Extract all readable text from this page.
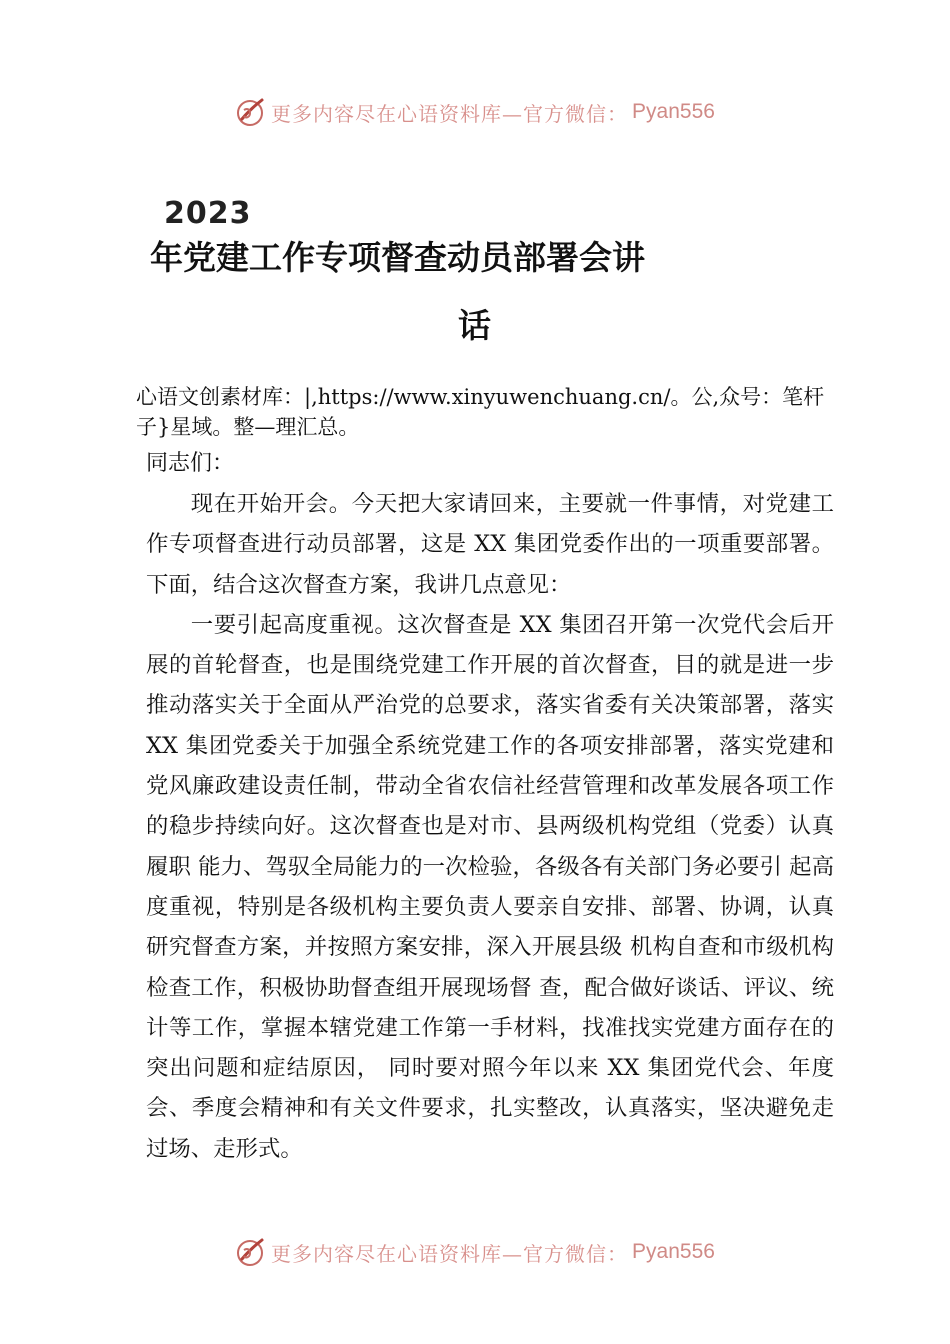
更多内容尽在心语资料库—官方微信： Pyan556
2023
年党建工作专项督查动员部署会讲
话
心语文创素材库：|,https://www.xinyuwenchuang.cn/。公,众号：笔杆子}星域。整—理汇总。
同志们：

现在开始开会。今天把大家请回来，主要就一件事情，对党建工作专项督查进行动员部署，这是 XX 集团党委作出的一项重要部署。下面，结合这次督查方案，我讲几点意见：

一要引起高度重视。这次督查是 XX 集团召开第一次党代会后开展的首轮督查，也是围绕党建工作开展的首次督查，目的就是进一步推动落实关于全面从严治党的总要求，落实省委有关决策部署，落实 XX 集团党委关于加强全系统党建工作的各项安排部署，落实党建和党风廉政建设责任制，带动全省农信社经营管理和改革发展各项工作的稳步持续向好。这次督查也是对市、县两级机构党组（党委）认真履职 能力、驾驭全局能力的一次检验，各级各有关部门务必要引 起高度重视，特别是各级机构主要负责人要亲自安排、部署、协调，认真研究督查方案，并按照方案安排，深入开展县级 机构自查和市级机构检查工作，积极协助督查组开展现场督 查，配合做好谈话、评议、统计等工作，掌握本辖党建工作第一手材料，找准找实党建方面存在的突出问题和症结原因， 同时要对照今年以来 XX 集团党代会、年度会、季度会精神和有关文件要求，扎实整改，认真落实，坚决避免走过场、走形式。

更多内容尽在心语资料库—官方微信： Pyan556
